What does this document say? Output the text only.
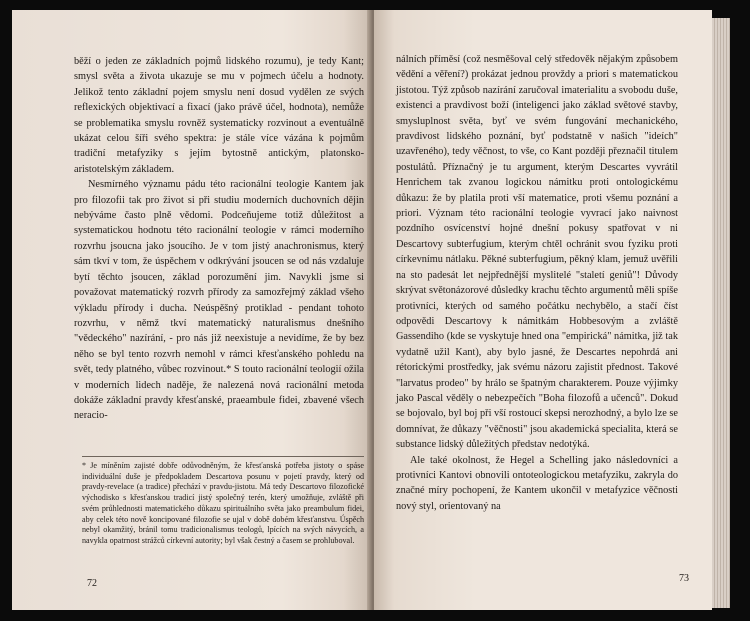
běží o jeden ze základních pojmů lidského rozumu), je tedy Kant; smysl světa a života ukazuje se mu v pojmech účelu a hodnoty. Jelikož tento základní pojem smyslu není dosud vydělen ze svých reflexických objektivací a fixací (jako právě účel, hodnota), nemůže se problematika smyslu rovněž systematicky rozvinout a eventuálně ukázat celou šíři svého spektra: je stále více vázána k pojmům tradiční metafyziky s jejím bytostně antickým, platonsko-aristotelským základem.

Nesmírného významu pádu této racionální teologie Kantem jak pro filozofii tak pro život si při studiu moderních duchovních dějin nebýváme často plně vědomi. Podceňujeme totiž důležitost a systematickou hodnotu této racionální teologie v rámci moderního rozvrhu jsoucna jako jsoucího. Je v tom jistý anachronismus, který sám tkví v tom, že úspěchem v odkrývání jsoucen se od nás vzdaluje bytí těchto jsoucen, základ porozumění jim. Navykli jsme si považovat matematický rozvrh přírody za samozřejmý základ všeho výkladu přírody i ducha. Neúspěšný protiklad - pendant tohoto rozvrhu, v němž tkví matematický naturalismus dnešního "vědeckého" nazírání, - pro nás již neexistuje a nevidíme, že by bez něho se byl tento rozvrh nemohl v rámci křesťanského pohledu na svět, tedy platného, vůbec rozvinout.* S touto racionální teologií ožila v moderních lidech naděje, že nalezená nová racionální metoda dokáže základní pravdy křesťanské, praeambule fidei, zbavené všech neracio-

* Je míněním zajisté dobře odůvodněným, že křesťanská potřeba jistoty o spáse individuální duše je předpokladem Descartova posunu v pojetí pravdy, který od pravdy-revelace (a tradice) přechází v pravdu-jistotu. Má tedy Descartovo filozofické východisko s křesťanskou tradicí jistý společný terén, který umožňuje, zvláště při svém průhlednosti matematického důkazu spirituálního světa jako preambulum fidei, aby celek této nově koncipované filozofie se ujal v době dobém křesťanstvu. Úspěch nebyl okamžitý, bránil tomu tradicionalismus teologů, lpících na svých návycích, a navykla opatrnost strážců církevní autority; byl však čestný a časem se prohluboval.
72

nálních příměsí (což nesměšoval celý středověk nějakým způsobem vědění a věření?) prokázat jednou provždy a priori s matematickou jistotou. Týž způsob nazírání zaručoval imaterialitu a svobodu duše, existenci a pravdivost boží (inteligenci jako základ světové stavby, smysluplnost světa, byť ve svém fungování mechanického, pravdivost lidského poznání, byť podstatně v našich "ideích" uzavřeného), tedy věčnost, to vše, co Kant později přeznačil titulem postulátů. Příznačný je tu argument, kterým Descartes vyvrátil Henrichem tak zvanou logickou námitku proti ontologickému důkazu: že by platila proti vší matematice, proti všemu poznání a priori. Význam této racionální teologie vyvrací jako naivnost pozdního osvícenství hojné dnešní pokusy spatřovat v ni Descartovy subterfugium, kterým chtěl ochránit svou fyziku proti církevnímu nátlaku. Pěkné subterfugium, pěkný klam, jemuž uvěřili na sto padesát let nejpřednější myslitelé "staletí geniů"! Důvody skrývat světonázorové důsledky krachu těchto argumentů měli spíše protivníci, kterých od samého počátku nechybělo, a stačí číst odpovědi Descartovy k námitkám Hobbesovým a zvláště Gassendiho (kde se vyskytuje hned ona "empirická" námitka, již tak vydatně užil Kant), aby bylo jasné, že Descartes nepohrdá ani rétorickými prostředky, jak svému názoru zajistit přednost. Takové "larvatus prodeo" by hrálo se špatným charakterem. Pouze výjimky jako Pascal věděly o nebezpečích "Boha filozofů a učenců". Dokud se bojovalo, byl boj při vší rostoucí skepsi nerozhodný, a bylo lze se domnívat, že důkazy "věčnosti" jsou akademická specialita, která se substance lidský důležitých představ nedotýká.

Ale také okolnost, že Hegel a Schelling jako následovníci a protivníci Kantovi obnovili ontoteologickou metafyziku, zakryla do značné míry pochopení, že Kantem ukončil v metafyzice věčnosti nový styl, orientovaný na

73
